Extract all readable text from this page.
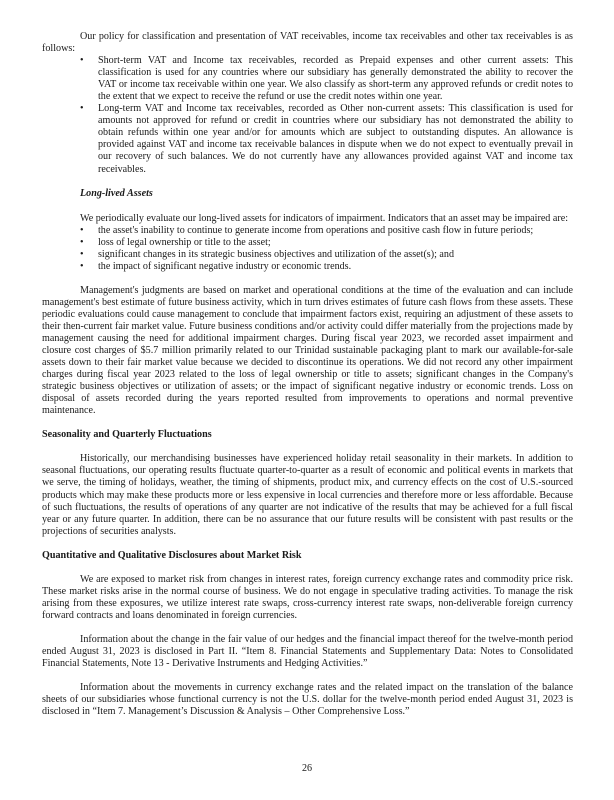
Our policy for classification and presentation of VAT receivables, income tax receivables and other tax receivables is as follows:

• Short-term VAT and Income tax receivables, recorded as Prepaid expenses and other current assets: This classification is used for any countries where our subsidiary has generally demonstrated the ability to recover the VAT or income tax receivable within one year. We also classify as short-term any approved refunds or credit notes to the extent that we expect to receive the refund or use the credit notes within one year.
• Long-term VAT and Income tax receivables, recorded as Other non-current assets: This classification is used for amounts not approved for refund or credit in countries where our subsidiary has not demonstrated the ability to obtain refunds within one year and/or for amounts which are subject to outstanding disputes. An allowance is provided against VAT and income tax receivable balances in dispute when we do not expect to eventually prevail in our recovery of such balances. We do not currently have any allowances provided against VAT and income tax receivables.

Long-lived Assets

We periodically evaluate our long-lived assets for indicators of impairment. Indicators that an asset may be impaired are:

• the asset's inability to continue to generate income from operations and positive cash flow in future periods;
• loss of legal ownership or title to the asset;
• significant changes in its strategic business objectives and utilization of the asset(s); and
• the impact of significant negative industry or economic trends.

Management's judgments are based on market and operational conditions at the time of the evaluation and can include management's best estimate of future business activity, which in turn drives estimates of future cash flows from these assets. These periodic evaluations could cause management to conclude that impairment factors exist, requiring an adjustment of these assets to their then-current fair market value. Future business conditions and/or activity could differ materially from the projections made by management causing the need for additional impairment charges. During fiscal year 2023, we recorded asset impairment and closure cost charges of $5.7 million primarily related to our Trinidad sustainable packaging plant to mark our available-for-sale assets down to their fair market value because we decided to discontinue its operations. We did not record any other impairment charges during fiscal year 2023 related to the loss of legal ownership or title to assets; significant changes in the Company's strategic business objectives or utilization of assets; or the impact of significant negative industry or economic trends. Loss on disposal of assets recorded during the years reported resulted from improvements to operations and normal preventive maintenance.

Seasonality and Quarterly Fluctuations

Historically, our merchandising businesses have experienced holiday retail seasonality in their markets. In addition to seasonal fluctuations, our operating results fluctuate quarter-to-quarter as a result of economic and political events in markets that we serve, the timing of holidays, weather, the timing of shipments, product mix, and currency effects on the cost of U.S.-sourced products which may make these products more or less expensive in local currencies and therefore more or less affordable. Because of such fluctuations, the results of operations of any quarter are not indicative of the results that may be achieved for a full fiscal year or any future quarter. In addition, there can be no assurance that our future results will be consistent with past results or the projections of securities analysts.

Quantitative and Qualitative Disclosures about Market Risk

We are exposed to market risk from changes in interest rates, foreign currency exchange rates and commodity price risk. These market risks arise in the normal course of business. We do not engage in speculative trading activities. To manage the risk arising from these exposures, we utilize interest rate swaps, cross-currency interest rate swaps, non-deliverable foreign currency forward contracts and loans denominated in foreign currencies.

Information about the change in the fair value of our hedges and the financial impact thereof for the twelve-month period ended August 31, 2023 is disclosed in Part II. “Item 8. Financial Statements and Supplementary Data: Notes to Consolidated Financial Statements, Note 13 - Derivative Instruments and Hedging Activities.”

Information about the movements in currency exchange rates and the related impact on the translation of the balance sheets of our subsidiaries whose functional currency is not the U.S. dollar for the twelve-month period ended August 31, 2023 is disclosed in “Item 7. Management’s Discussion & Analysis – Other Comprehensive Loss.”

26
